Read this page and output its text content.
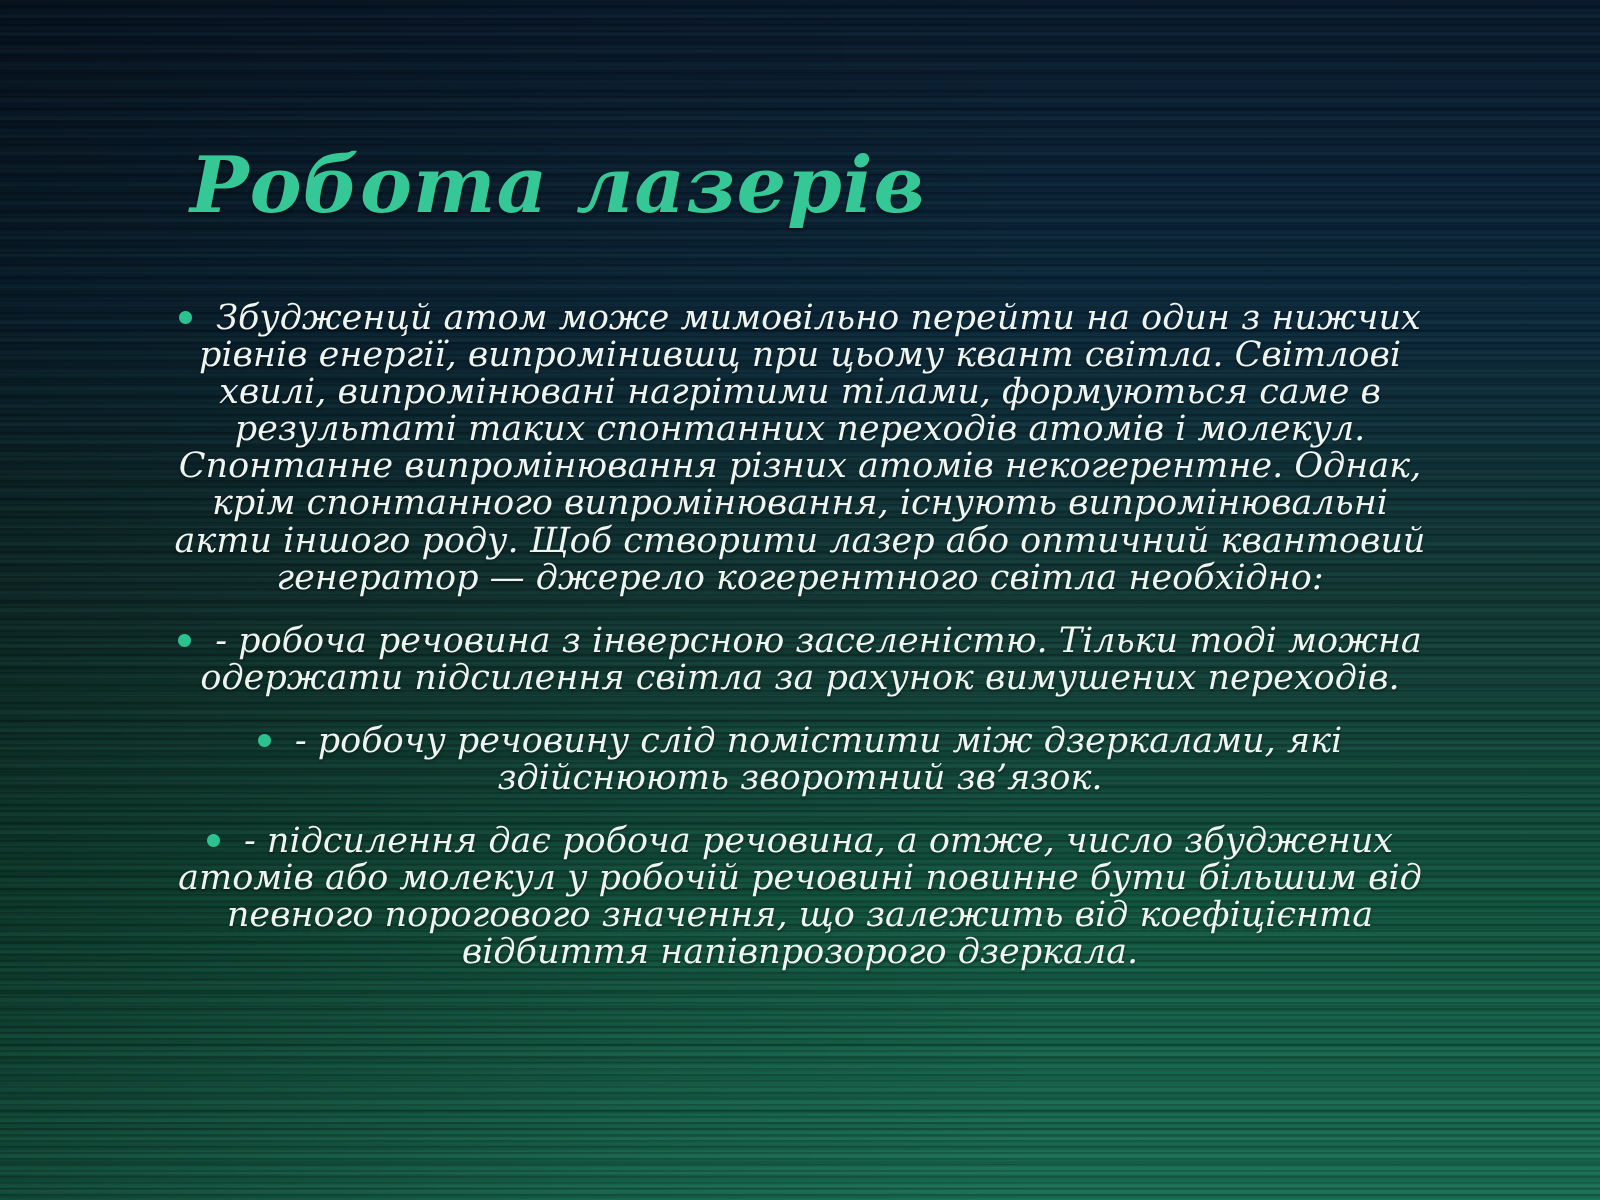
Робота лазерів

Збудженцй атом може мимовільно перейти на один з нижчих рівнів енергії, випромінившц при цьому квант світла. Світлові хвилі, випромінювані нагрітими тілами, формуються саме в результаті таких спонтанних переходів атомів і молекул. Спонтанне випромінювання різних атомів некогерентне. Однак, крім спонтанного випромінювання, існують випромінювальні акти іншого роду. Щоб створити лазер або оптичний квантовий генератор — джерело когерентного світла необхідно:

- робоча речовина з інверсною заселеністю. Тільки тоді можна одержати підсилення світла за рахунок вимушених переходів.

- робочу речовину слід помістити між дзеркалами, які здійснюють зворотний зв’язок.

- підсилення дає робоча речовина, а отже, число збуджених атомів або молекул у робочій речовині повинне бути більшим від певного порогового значення, що залежить від коефіцієнта відбиття напівпрозорого дзеркала.
